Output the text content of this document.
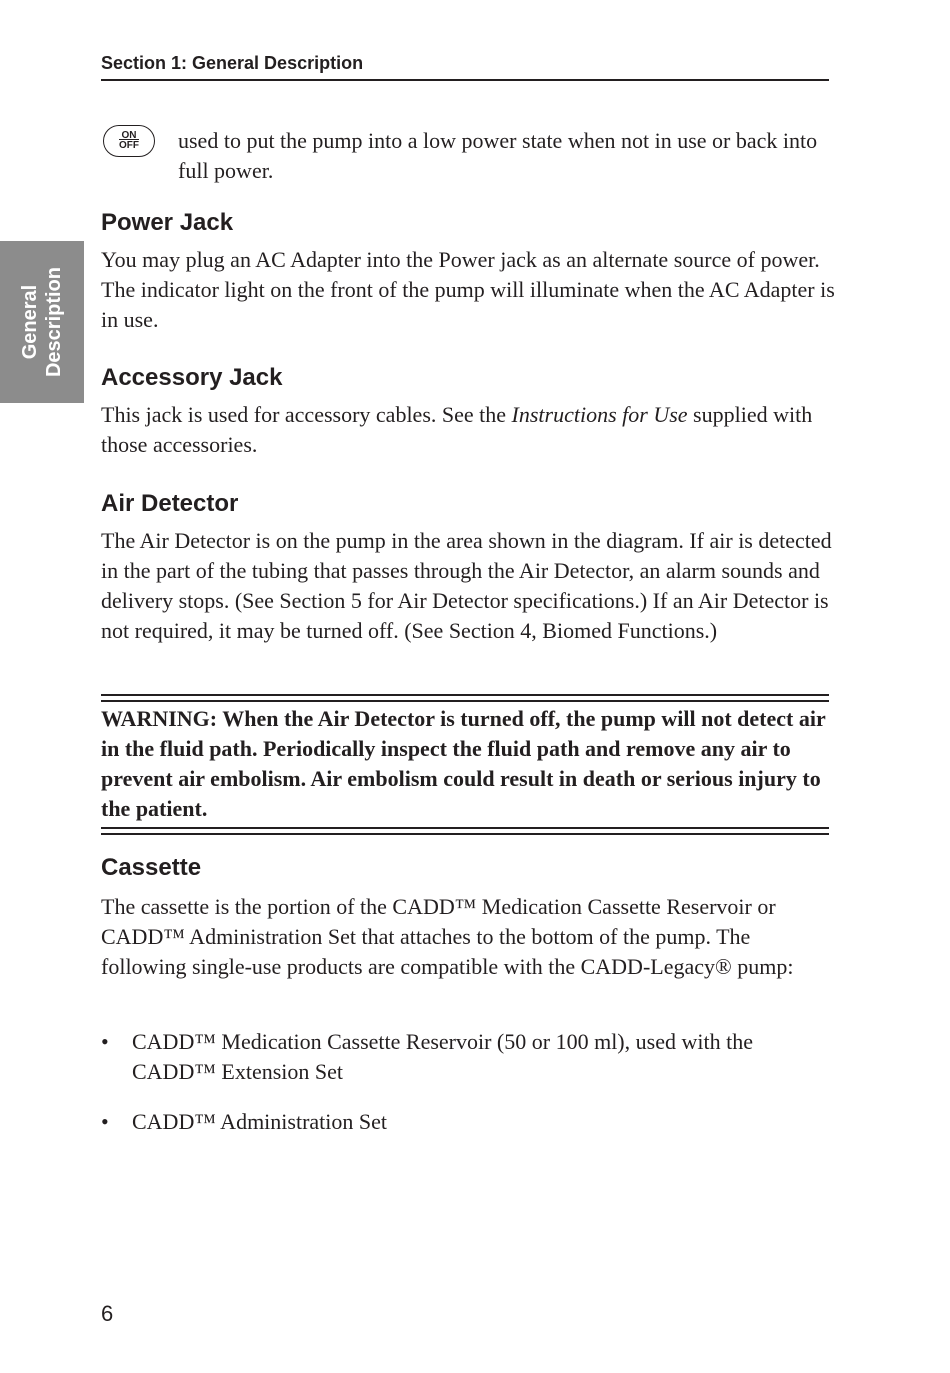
Section 1: General Description
General
Description
ON
$\overline{OFF}$ used to put the pump into a low power state when not in use or back into full power.

Power Jack

You may plug an AC Adapter into the Power jack as an alternate source of power. The indicator light on the front of the pump will illuminate when the AC Adapter is in use.

Accessory Jack

This jack is used for accessory cables. See the Instructions for Use supplied with those accessories.

Air Detector

The Air Detector is on the pump in the area shown in the diagram. If air is detected in the part of the tubing that passes through the Air Detector, an alarm sounds and delivery stops. (See Section 5 for Air Detector specifications.) If an Air Detector is not required, it may be turned off. (See Section 4, Biomed Functions.)

WARNING: When the Air Detector is turned off, the pump will not detect air in the fluid path. Periodically inspect the fluid path and remove any air to prevent air embolism. Air embolism could result in death or serious injury to the patient.

Cassette

The cassette is the portion of the CADD™ Medication Cassette Reservoir or CADD™ Administration Set that attaches to the bottom of the pump. The following single-use products are compatible with the CADD-Legacy® pump:

• CADD™ Medication Cassette Reservoir (50 or 100 ml), used with the CADD™ Extension Set
• CADD™ Administration Set
6
